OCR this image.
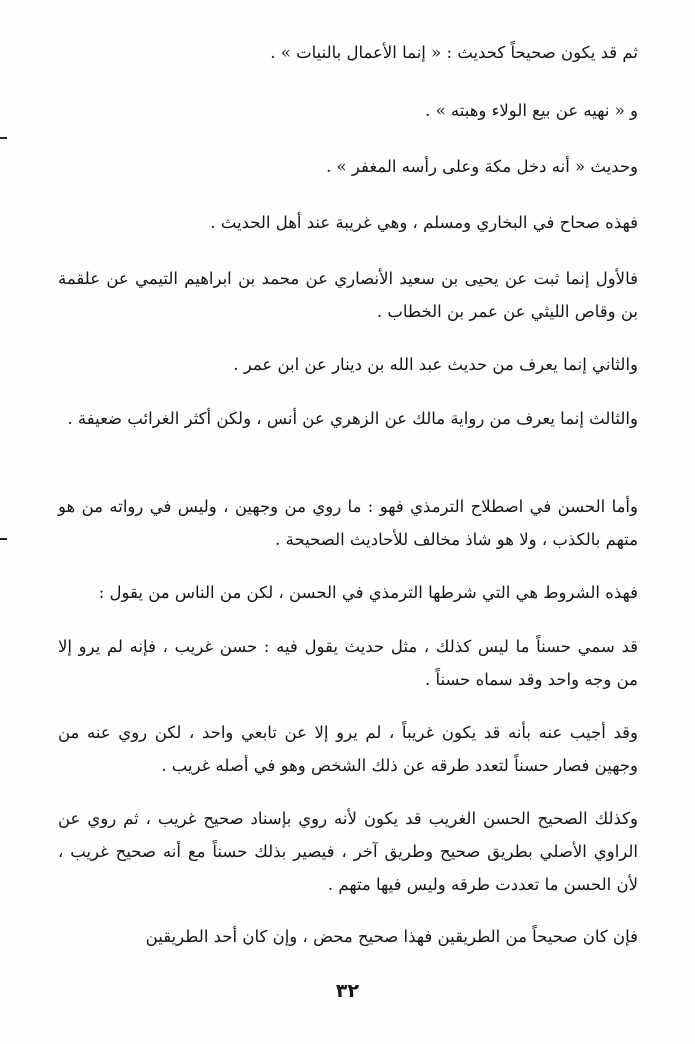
ثم قد يكون صحيحاً كحديث : « إنما الأعمال بالنيات » .
و « نهيه عن بيع الولاء وهبته » .
وحديث « أنه دخل مكة وعلى رأسه المغفر » .
فهذه صحاح في البخاري ومسلم ، وهي غريبة عند أهل الحديث .
فالأول إنما ثبت عن يحيى بن سعيد الأنصاري عن محمد بن ابراهيم التيمي عن علقمة بن وقاص الليثي عن عمر بن الخطاب .
والثاني إنما يعرف من حديث عبد الله بن دينار عن ابن عمر .
والثالث إنما يعرف من رواية مالك عن الزهري عن أنس ، ولكن أكثر الغرائب ضعيفة .
وأما الحسن في اصطلاح الترمذي فهو : ما روي من وجهين ، وليس في رواته من هو متهم بالكذب ، ولا هو شاذ مخالف للأحاديث الصحيحة .
فهذه الشروط هي التي شرطها الترمذي في الحسن ، لكن من الناس من يقول :
قد سمي حسناً ما ليس كذلك ، مثل حديث يقول فيه : حسن غريب ، فإنه لم يرو إلا من وجه واحد وقد سماه حسناً .
وقد أجيب عنه بأنه قد يكون غريباً ، لم يرو إلا عن تابعي واحد ، لكن روي عنه من وجهين فصار حسناً لتعدد طرقه عن ذلك الشخص وهو في أصله غريب .
وكذلك الصحيح الحسن الغريب قد يكون لأنه روي بإسناد صحيح غريب ، ثم روي عن الراوي الأصلي بطريق صحيح وطريق آخر ، فيصير بذلك حسناً مع أنه صحيح غريب ، لأن الحسن ما تعددت طرقه وليس فيها متهم .
فإن كان صحيحاً من الطريقين فهذا صحيح محض ، وإن كان أحد الطريقين
٣٢
